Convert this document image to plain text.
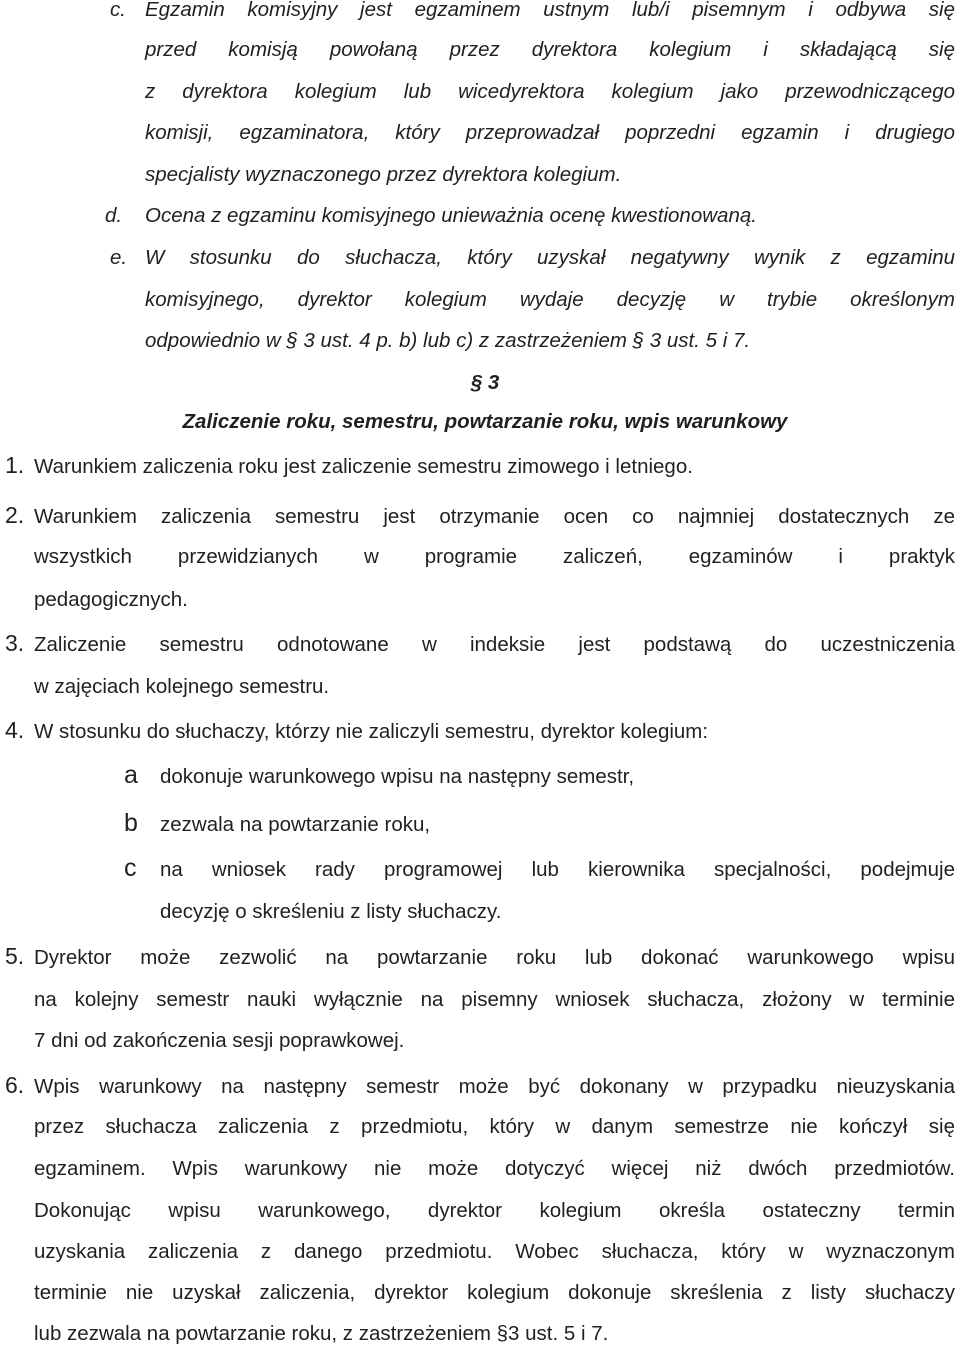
c. Egzamin komisyjny jest egzaminem ustnym lub/i pisemnym i odbywa się
przed komisją powołaną przez dyrektora kolegium i składającą się
z dyrektora kolegium lub wicedyrektora kolegium jako przewodniczącego
komisji, egzaminatora, który przeprowadzał poprzedni egzamin i drugiego
specjalisty wyznaczonego przez dyrektora kolegium.
d. Ocena z egzaminu komisyjnego unieważnia ocenę kwestionowaną.
e. W stosunku do słuchacza, który uzyskał negatywny wynik z egzaminu
komisyjnego, dyrektor kolegium wydaje decyzję w trybie określonym
odpowiednio w § 3 ust. 4 p. b) lub c) z zastrzeżeniem § 3 ust. 5 i 7.
§ 3
Zaliczenie roku, semestru, powtarzanie roku, wpis warunkowy
1. Warunkiem zaliczenia roku jest zaliczenie semestru zimowego i letniego.
2. Warunkiem zaliczenia semestru jest otrzymanie ocen co najmniej dostatecznych ze
wszystkich przewidzianych w programie zaliczeń, egzaminów i praktyk
pedagogicznych.
3. Zaliczenie semestru odnotowane w indeksie jest podstawą do uczestniczenia
w zajęciach kolejnego semestru.
4. W stosunku do słuchaczy, którzy nie zaliczyli semestru, dyrektor kolegium:
a dokonuje warunkowego wpisu na następny semestr,
b zezwala na powtarzanie roku,
c na wniosek rady programowej lub kierownika specjalności, podejmuje
decyzję o skreśleniu z listy słuchaczy.
5. Dyrektor może zezwolić na powtarzanie roku lub dokonać warunkowego wpisu
na kolejny semestr nauki wyłącznie na pisemny wniosek słuchacza, złożony w terminie
7 dni od zakończenia sesji poprawkowej.
6. Wpis warunkowy na następny semestr może być dokonany w przypadku nieuzyskania
przez słuchacza zaliczenia z przedmiotu, który w danym semestrze nie kończył się
egzaminem. Wpis warunkowy nie może dotyczyć więcej niż dwóch przedmiotów.
Dokonując wpisu warunkowego, dyrektor kolegium określa ostateczny termin
uzyskania zaliczenia z danego przedmiotu. Wobec słuchacza, który w wyznaczonym
terminie nie uzyskał zaliczenia, dyrektor kolegium dokonuje skreślenia z listy słuchaczy
lub zezwala na powtarzanie roku, z zastrzeżeniem §3 ust. 5 i 7.
